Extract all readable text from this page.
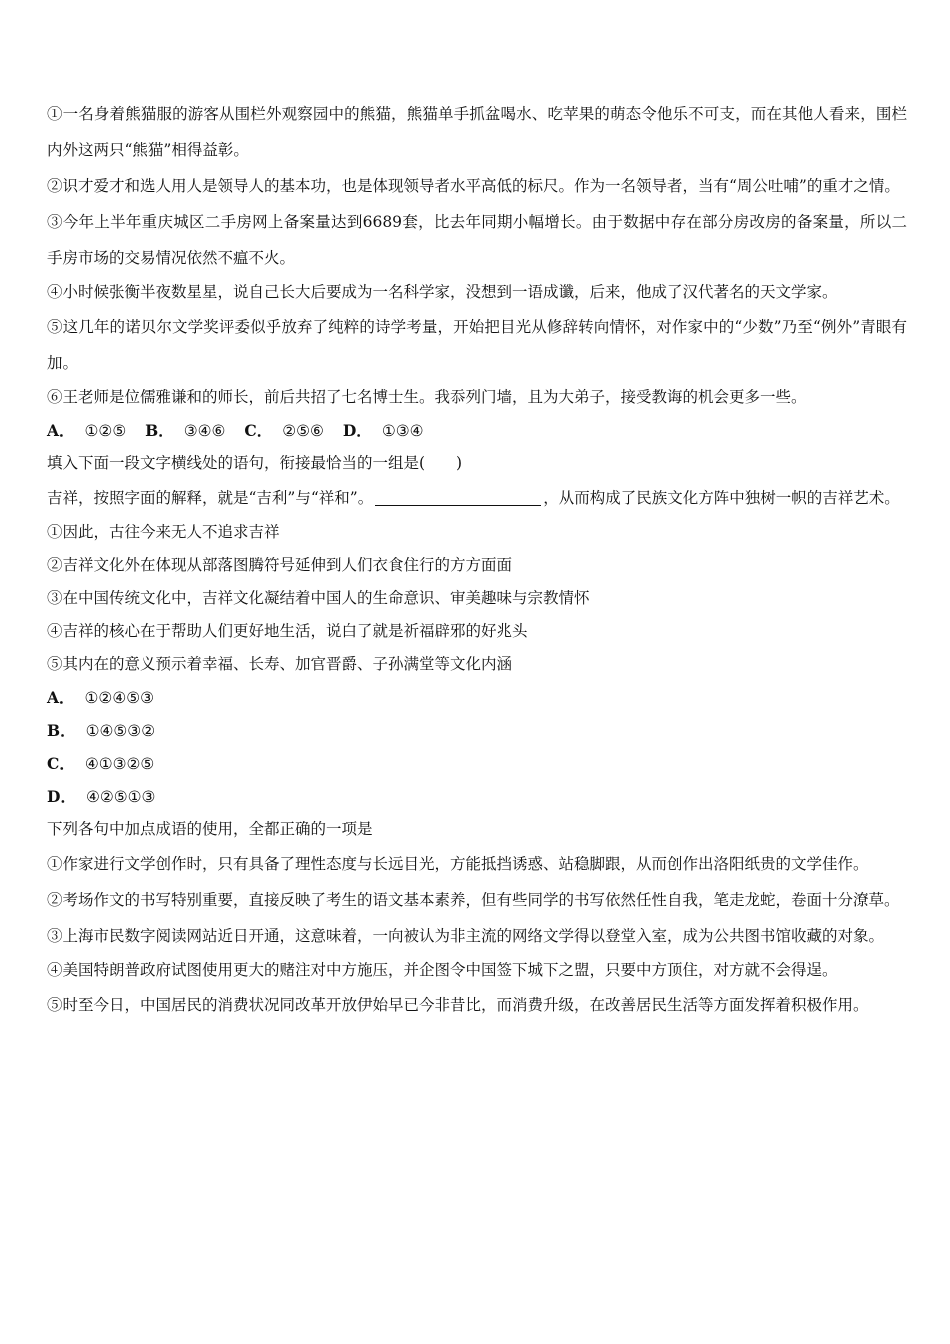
①一名身着熊猫服的游客从围栏外观察园中的熊猫，熊猫单手抓盆喝水、吃苹果的萌态令他乐不可支，而在其他人看来，围栏内外这两只“熊猫”相得益彰。

②识才爱才和选人用人是领导人的基本功，也是体现领导者水平高低的标尺。作为一名领导者，当有“周公吐哺”的重才之情。

③今年上半年重庆城区二手房网上备案量达到6689套，比去年同期小幅增长。由于数据中存在部分房改房的备案量，所以二手房市场的交易情况依然不瘟不火。

④小时候张衡半夜数星星，说自己长大后要成为一名科学家，没想到一语成谶，后来，他成了汉代著名的天文学家。

⑤这几年的诺贝尔文学奖评委似乎放弃了纯粹的诗学考量，开始把目光从修辞转向情怀，对作家中的“少数”乃至“例外”青眼有加。

⑥王老师是位儒雅谦和的师长，前后共招了七名博士生。我忝列门墙，且为大弟子，接受教诲的机会更多一些。

A． ①②⑤ B． ③④⑥ C． ②⑤⑥ D． ①③④

填入下面一段文字横线处的语句，衔接最恰当的一组是(　　)

吉祥，按照字面的解释，就是“吉利”与“祥和”。	，从而构成了民族文化方阵中独树一帜的吉祥艺术。

①因此，古往今来无人不追求吉祥

②吉祥文化外在体现从部落图腾符号延伸到人们衣食住行的方方面面

③在中国传统文化中，吉祥文化凝结着中国人的生命意识、审美趣味与宗教情怀

④吉祥的核心在于帮助人们更好地生活，说白了就是祈福辟邪的好兆头

⑤其内在的意义预示着幸福、长寿、加官晋爵、子孙满堂等文化内涵

A． ①②④⑤③

B． ①④⑤③②

C． ④①③②⑤

D． ④②⑤①③

下列各句中加点成语的使用，全都正确的一项是

①作家进行文学创作时，只有具备了理性态度与长远目光，方能抵挡诱惑、站稳脚跟，从而创作出洛阳纸贵的文学佳作。

②考场作文的书写特别重要，直接反映了考生的语文基本素养，但有些同学的书写依然任性自我，笔走龙蛇，卷面十分潦草。

③上海市民数字阅读网站近日开通，这意味着，一向被认为非主流的网络文学得以登堂入室，成为公共图书馆收藏的对象。

④美国特朗普政府试图使用更大的赌注对中方施压，并企图令中国签下城下之盟，只要中方顶住，对方就不会得逞。

⑤时至今日，中国居民的消费状况同改革开放伊始早已今非昔比，而消费升级，在改善居民生活等方面发挥着积极作用。
